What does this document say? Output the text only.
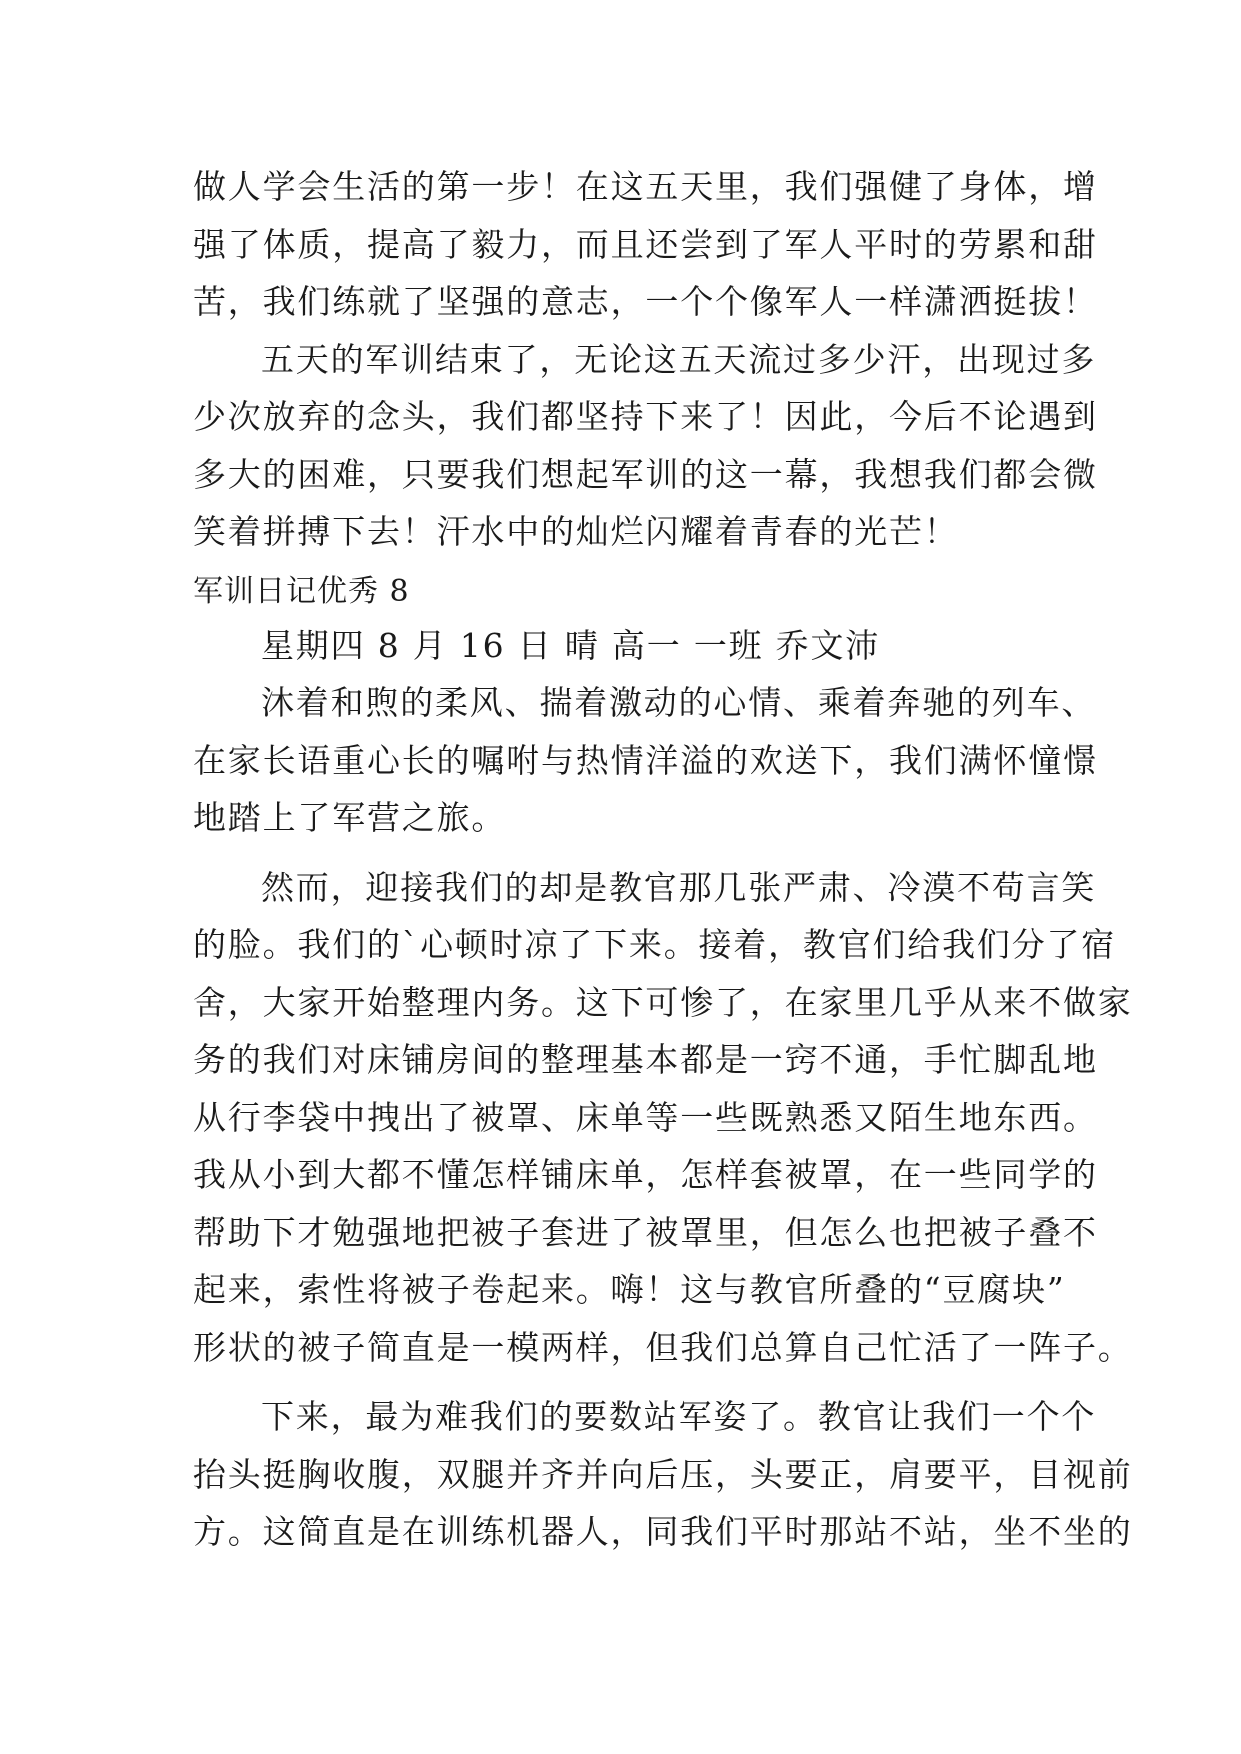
做人学会生活的第一步！在这五天里，我们强健了身体，增
强了体质，提高了毅力，而且还尝到了军人平时的劳累和甜
苦，我们练就了坚强的意志，一个个像军人一样潇洒挺拔！
五天的军训结束了，无论这五天流过多少汗，出现过多
少次放弃的念头，我们都坚持下来了！因此，今后不论遇到
多大的困难，只要我们想起军训的这一幕，我想我们都会微
笑着拼搏下去！汗水中的灿烂闪耀着青春的光芒！
军训日记优秀 8
星期四 8 月 16 日 晴 高一 一班 乔文沛
沐着和煦的柔风、揣着激动的心情、乘着奔驰的列车、
在家长语重心长的嘱咐与热情洋溢的欢送下，我们满怀憧憬
地踏上了军营之旅。
然而，迎接我们的却是教官那几张严肃、冷漠不苟言笑
的脸。我们的`心顿时凉了下来。接着，教官们给我们分了宿
舍，大家开始整理内务。这下可惨了，在家里几乎从来不做家
务的我们对床铺房间的整理基本都是一窍不通，手忙脚乱地
从行李袋中拽出了被罩、床单等一些既熟悉又陌生地东西。
我从小到大都不懂怎样铺床单，怎样套被罩，在一些同学的
帮助下才勉强地把被子套进了被罩里，但怎么也把被子叠不
起来，索性将被子卷起来。嗨！这与教官所叠的“豆腐块”
形状的被子简直是一模两样，但我们总算自己忙活了一阵子。
下来，最为难我们的要数站军姿了。教官让我们一个个
抬头挺胸收腹，双腿并齐并向后压，头要正，肩要平，目视前
方。这简直是在训练机器人，同我们平时那站不站，坐不坐的
